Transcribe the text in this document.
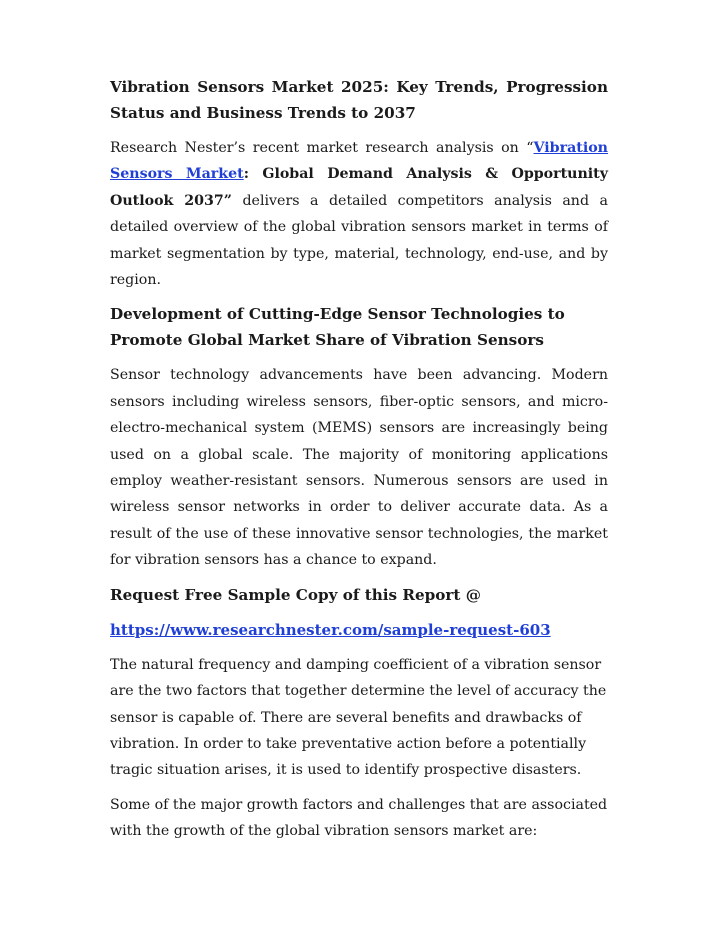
Vibration Sensors Market 2025: Key Trends, Progression Status and Business Trends to 2037

Research Nester’s recent market research analysis on “Vibration Sensors Market: Global Demand Analysis & Opportunity Outlook 2037” delivers a detailed competitors analysis and a detailed overview of the global vibration sensors market in terms of market segmentation by type, material, technology, end-use, and by region.

Development of Cutting-Edge Sensor Technologies to Promote Global Market Share of Vibration Sensors

Sensor technology advancements have been advancing. Modern sensors including wireless sensors, fiber-optic sensors, and micro-electro-mechanical system (MEMS) sensors are increasingly being used on a global scale. The majority of monitoring applications employ weather-resistant sensors. Numerous sensors are used in wireless sensor networks in order to deliver accurate data. As a result of the use of these innovative sensor technologies, the market for vibration sensors has a chance to expand.

Request Free Sample Copy of this Report @

https://www.researchnester.com/sample-request-603

The natural frequency and damping coefficient of a vibration sensor are the two factors that together determine the level of accuracy the sensor is capable of. There are several benefits and drawbacks of vibration. In order to take preventative action before a potentially tragic situation arises, it is used to identify prospective disasters.

Some of the major growth factors and challenges that are associated with the growth of the global vibration sensors market are:
